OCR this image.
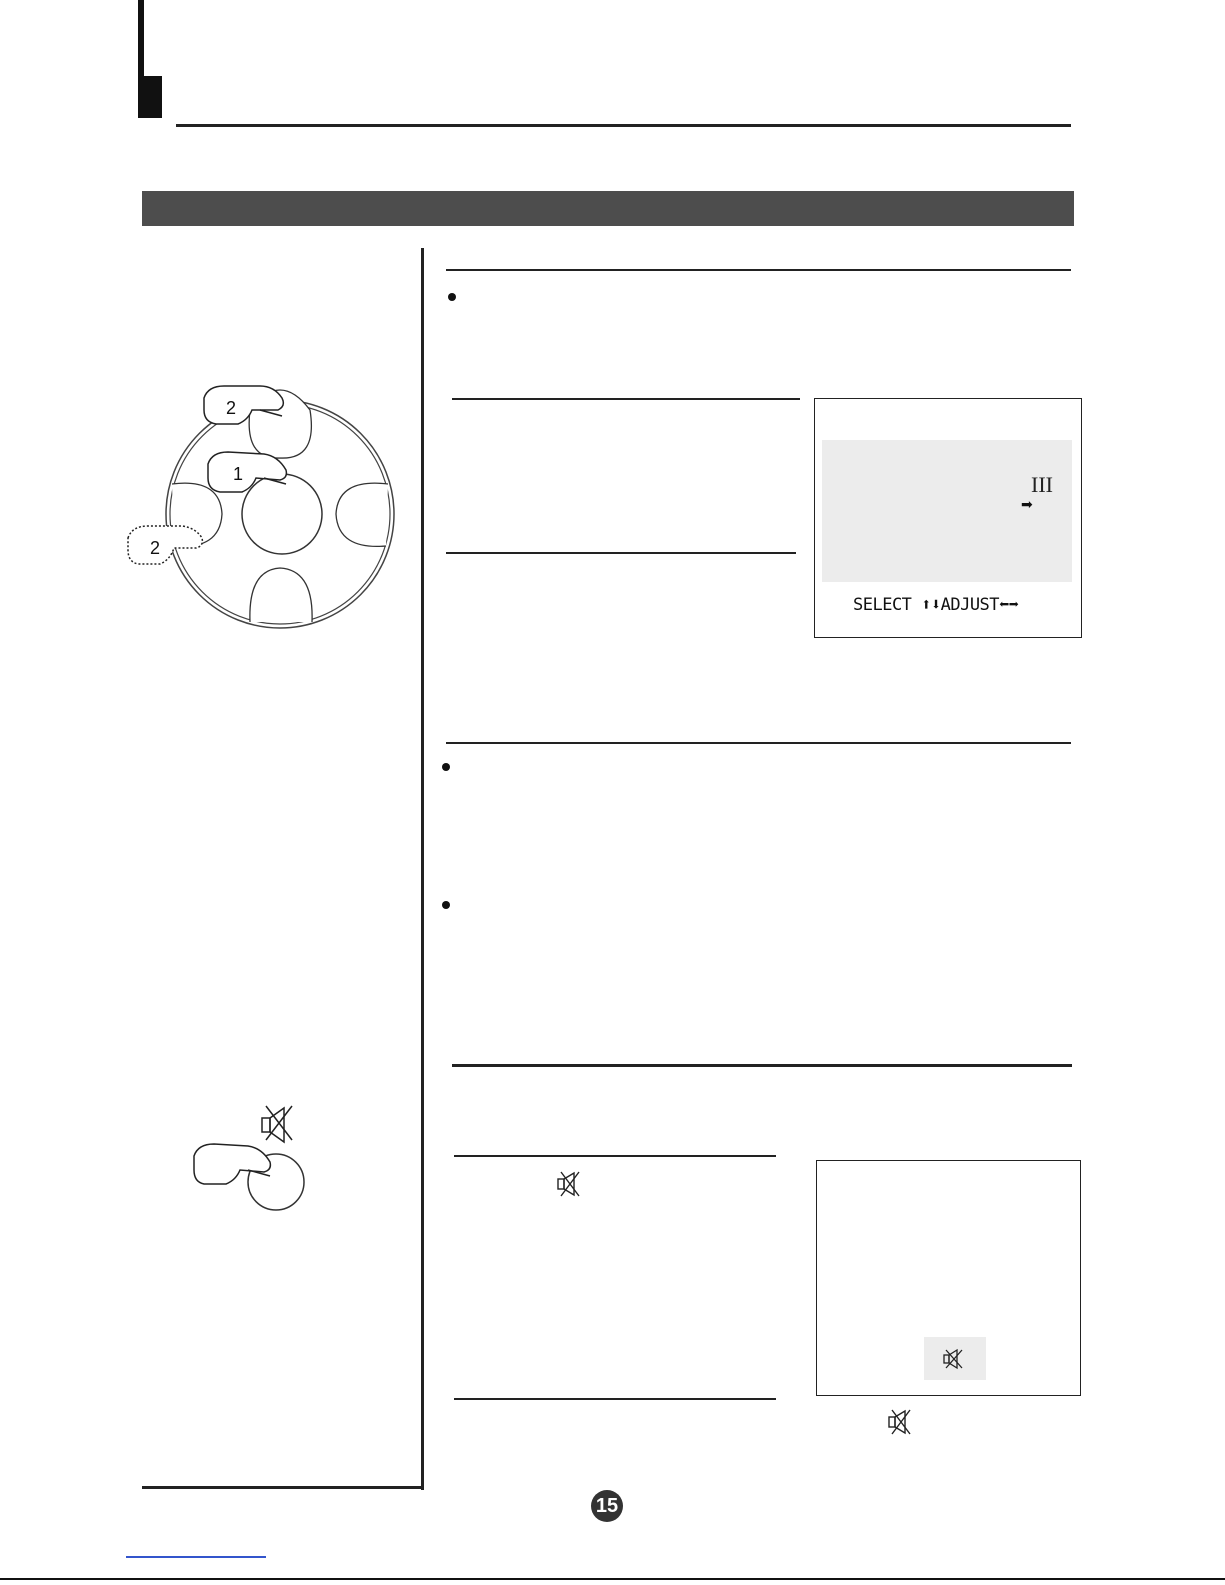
2
1
2
III
➡
SELECT ⬆⬇ADJUST⬅➡
15
